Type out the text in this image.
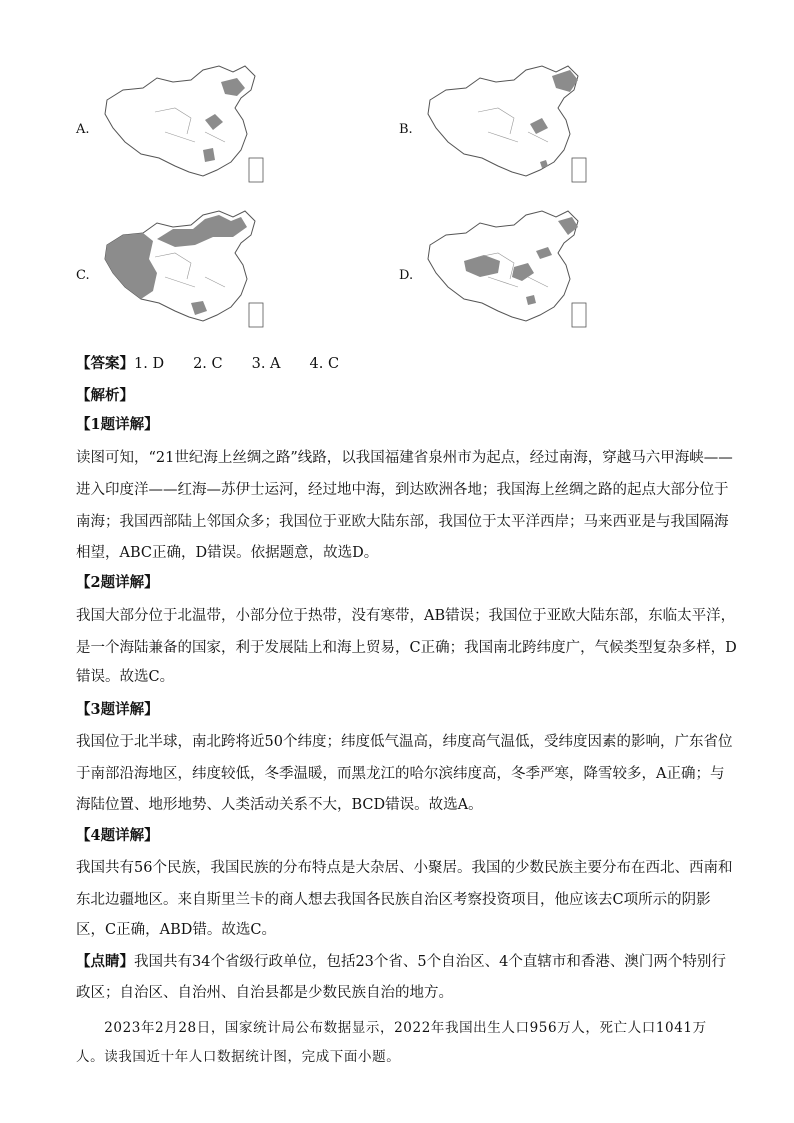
A.	B.
C.	D.
【答案】1. D　　2. C　　3. A　　4. C
【解析】
【1题详解】
读图可知，“21世纪海上丝绸之路”线路，以我国福建省泉州市为起点，经过南海，穿越马六甲海峡——
进入印度洋——红海—苏伊士运河，经过地中海，到达欧洲各地；我国海上丝绸之路的起点大部分位于
南海；我国西部陆上邻国众多；我国位于亚欧大陆东部，我国位于太平洋西岸；马来西亚是与我国隔海
相望，ABC正确，D错误。依据题意，故选D。
【2题详解】
我国大部分位于北温带，小部分位于热带，没有寒带，AB错误；我国位于亚欧大陆东部，东临太平洋，
是一个海陆兼备的国家，利于发展陆上和海上贸易，C正确；我国南北跨纬度广，气候类型复杂多样，D
错误。故选C。
【3题详解】
我国位于北半球，南北跨将近50个纬度；纬度低气温高，纬度高气温低，受纬度因素的影响，广东省位
于南部沿海地区，纬度较低，冬季温暖，而黑龙江的哈尔滨纬度高，冬季严寒，降雪较多，A正确；与
海陆位置、地形地势、人类活动关系不大，BCD错误。故选A。
【4题详解】
我国共有56个民族，我国民族的分布特点是大杂居、小聚居。我国的少数民族主要分布在西北、西南和
东北边疆地区。来自斯里兰卡的商人想去我国各民族自治区考察投资项目，他应该去C项所示的阴影
区，C正确，ABD错。故选C。
【点睛】我国共有34个省级行政单位，包括23个省、5个自治区、4个直辖市和香港、澳门两个特别行
政区；自治区、自治州、自治县都是少数民族自治的地方。
　　2023年2月28日，国家统计局公布数据显示，2022年我国出生人口956万人，死亡人口1041万
人。读我国近十年人口数据统计图，完成下面小题。
